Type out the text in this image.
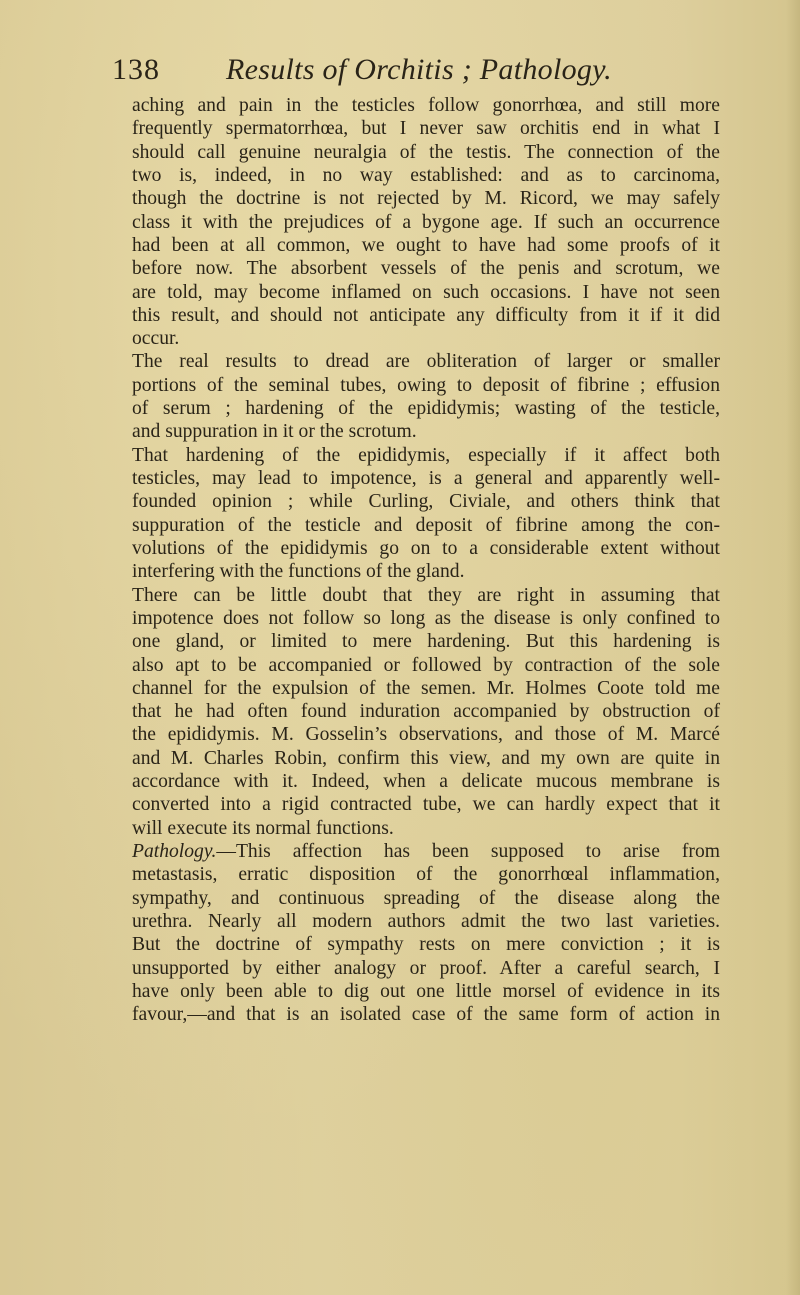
138 Results of Orchitis ; Pathology.
aching and pain in the testicles follow gonorrhœa, and still more
frequently spermatorrhœa, but I never saw orchitis end in what I
should call genuine neuralgia of the testis. The connection of the
two is, indeed, in no way established: and as to carcinoma,
though the doctrine is not rejected by M. Ricord, we may safely
class it with the prejudices of a bygone age. If such an occurrence
had been at all common, we ought to have had some proofs of it
before now. The absorbent vessels of the penis and scrotum, we
are told, may become inflamed on such occasions. I have not seen
this result, and should not anticipate any difficulty from it if it did
occur.
The real results to dread are obliteration of larger or smaller
portions of the seminal tubes, owing to deposit of fibrine ; effusion
of serum ; hardening of the epididymis; wasting of the testicle,
and suppuration in it or the scrotum.
That hardening of the epididymis, especially if it affect both
testicles, may lead to impotence, is a general and apparently well-
founded opinion ; while Curling, Civiale, and others think that
suppuration of the testicle and deposit of fibrine among the con-
volutions of the epididymis go on to a considerable extent without
interfering with the functions of the gland.
There can be little doubt that they are right in assuming that
impotence does not follow so long as the disease is only confined to
one gland, or limited to mere hardening. But this hardening is
also apt to be accompanied or followed by contraction of the sole
channel for the expulsion of the semen. Mr. Holmes Coote told me
that he had often found induration accompanied by obstruction of
the epididymis. M. Gosselin’s observations, and those of M. Marcé
and M. Charles Robin, confirm this view, and my own are quite in
accordance with it. Indeed, when a delicate mucous membrane is
converted into a rigid contracted tube, we can hardly expect that it
will execute its normal functions.
Pathology.—This affection has been supposed to arise from
metastasis, erratic disposition of the gonorrhœal inflammation,
sympathy, and continuous spreading of the disease along the
urethra. Nearly all modern authors admit the two last varieties.
But the doctrine of sympathy rests on mere conviction ; it is
unsupported by either analogy or proof. After a careful search, I
have only been able to dig out one little morsel of evidence in its
favour,—and that is an isolated case of the same form of action in
